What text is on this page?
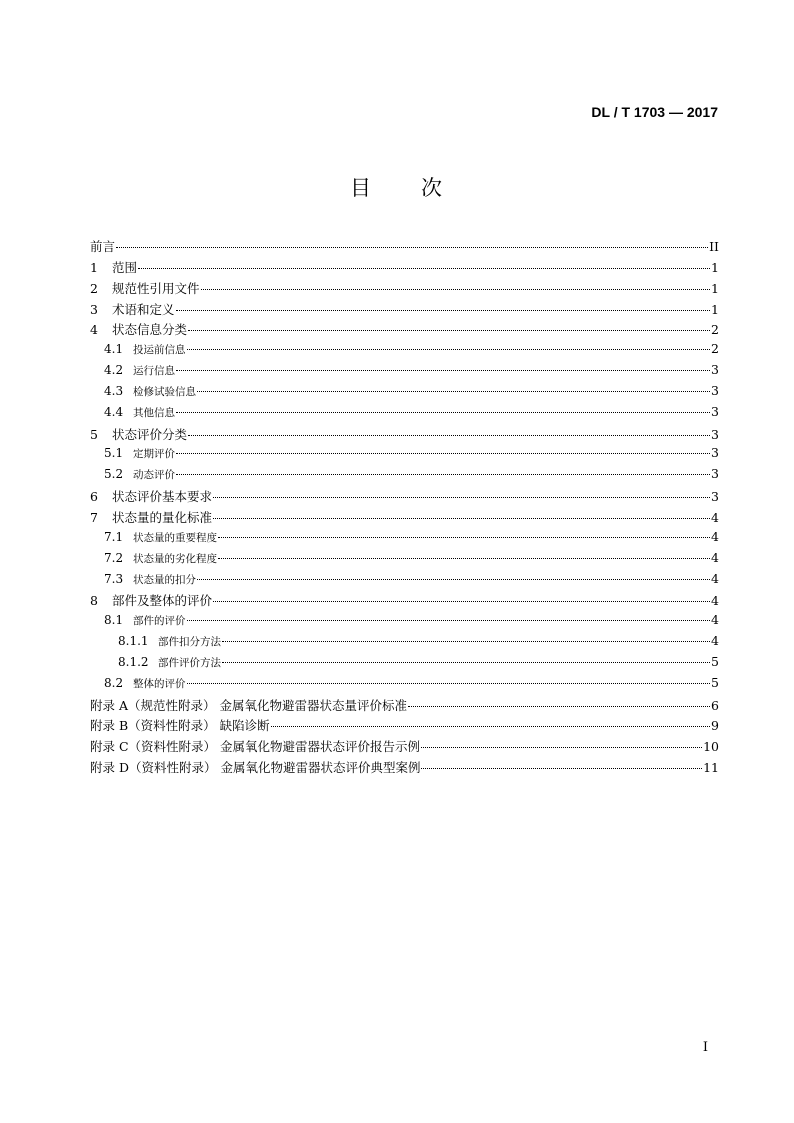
DL / T 1703 — 2017
目 次
前言	II
1	范围	1
2	规范性引用文件	1
3	术语和定义	1
4	状态信息分类	2
4.1 投运前信息	2
4.2 运行信息	3
4.3 检修试验信息	3
4.4 其他信息	3
5	状态评价分类	3
5.1 定期评价	3
5.2 动态评价	3
6	状态评价基本要求	3
7	状态量的量化标准	4
7.1 状态量的重要程度	4
7.2 状态量的劣化程度	4
7.3 状态量的扣分	4
8	部件及整体的评价	4
8.1 部件的评价	4
8.1.1 部件扣分方法	4
8.1.2 部件评价方法	5
8.2 整体的评价	5
附录 A（规范性附录） 金属氧化物避雷器状态量评价标准	6
附录 B（资料性附录） 缺陷诊断	9
附录 C（资料性附录） 金属氧化物避雷器状态评价报告示例	10
附录 D（资料性附录） 金属氧化物避雷器状态评价典型案例	11
I
